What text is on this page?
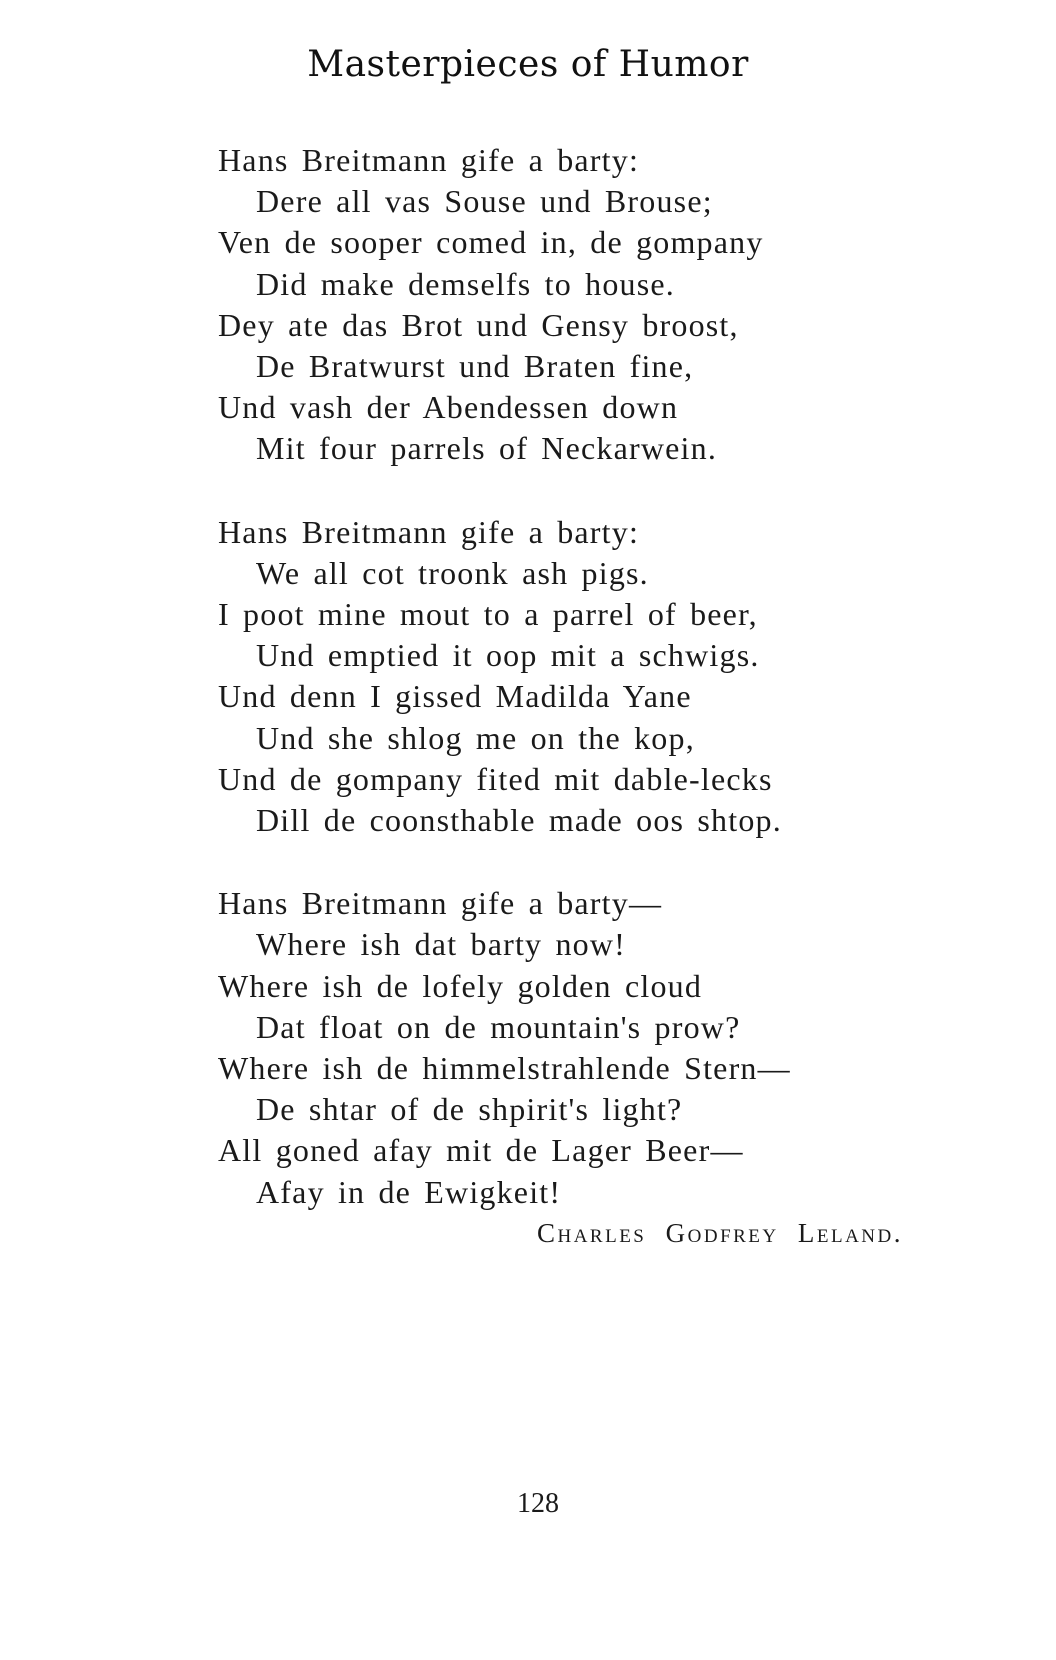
Masterpieces of Humor
Hans Breitmann gife a barty:
Dere all vas Souse und Brouse;
Ven de sooper comed in, de gompany
Did make demselfs to house.
Dey ate das Brot und Gensy broost,
De Bratwurst und Braten fine,
Und vash der Abendessen down
Mit four parrels of Neckarwein.
Hans Breitmann gife a barty:
We all cot troonk ash pigs.
I poot mine mout to a parrel of beer,
Und emptied it oop mit a schwigs.
Und denn I gissed Madilda Yane
Und she shlog me on the kop,
Und de gompany fited mit dable-lecks
Dill de coonsthable made oos shtop.
Hans Breitmann gife a barty—
Where ish dat barty now!
Where ish de lofely golden cloud
Dat float on de mountain's prow?
Where ish de himmelstrahlende Stern—
De shtar of de shpirit's light?
All goned afay mit de Lager Beer—
Afay in de Ewigkeit!
Charles Godfrey Leland.
128
